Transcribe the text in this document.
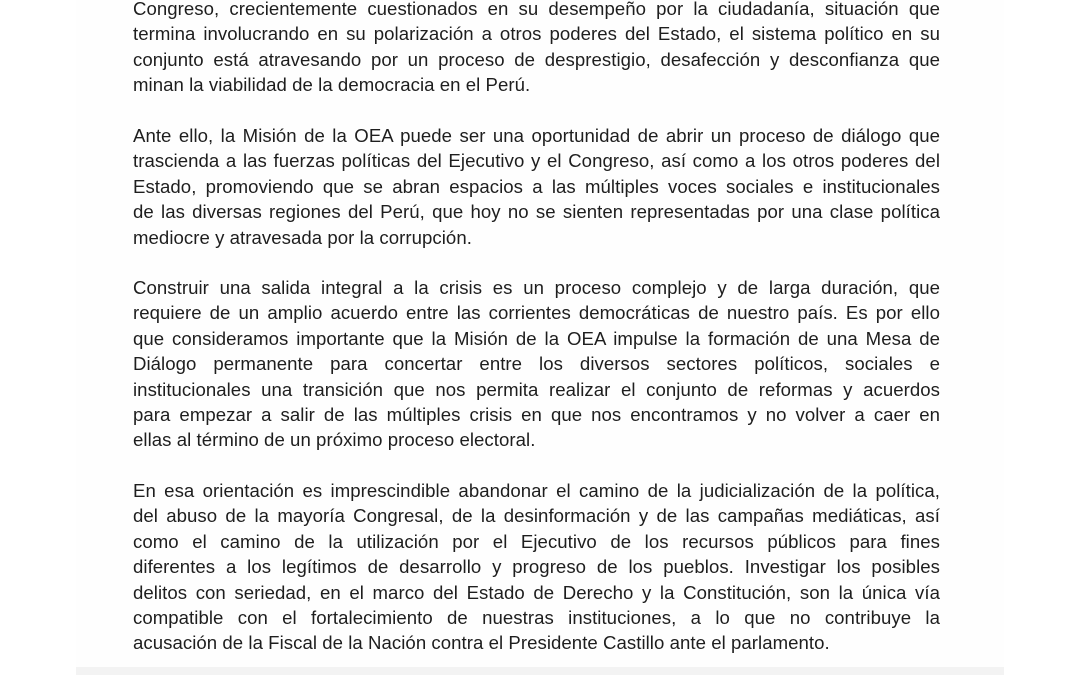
Congreso, crecientemente cuestionados en su desempeño por la ciudadanía, situación que
termina involucrando en su polarización a otros poderes del Estado, el sistema político en su
conjunto está atravesando por un proceso de desprestigio, desafección y desconfianza que
minan la viabilidad de la democracia en el Perú.
Ante ello, la Misión de la OEA puede ser una oportunidad de abrir un proceso de diálogo que
trascienda a las fuerzas políticas del Ejecutivo y el Congreso, así como a los otros poderes del
Estado, promoviendo que se abran espacios a las múltiples voces sociales e institucionales
de las diversas regiones del Perú, que hoy no se sienten representadas por una clase política
mediocre y atravesada por la corrupción.
Construir una salida integral a la crisis es un proceso complejo y de larga duración, que
requiere de un amplio acuerdo entre las corrientes democráticas de nuestro país. Es por ello
que consideramos importante que la Misión de la OEA impulse la formación de una Mesa de
Diálogo permanente para concertar entre los diversos sectores políticos, sociales e
institucionales una transición que nos permita realizar el conjunto de reformas y acuerdos
para empezar a salir de las múltiples crisis en que nos encontramos y no volver a caer en
ellas al término de un próximo proceso electoral.
En esa orientación es imprescindible abandonar el camino de la judicialización de la política,
del abuso de la mayoría Congresal, de la desinformación y de las campañas mediáticas, así
como el camino de la utilización por el Ejecutivo de los recursos públicos para fines
diferentes a los legítimos de desarrollo y progreso de los pueblos. Investigar los posibles
delitos con seriedad, en el marco del Estado de Derecho y la Constitución, son la única vía
compatible con el fortalecimiento de nuestras instituciones, a lo que no contribuye la
acusación de la Fiscal de la Nación contra el Presidente Castillo ante el parlamento.
